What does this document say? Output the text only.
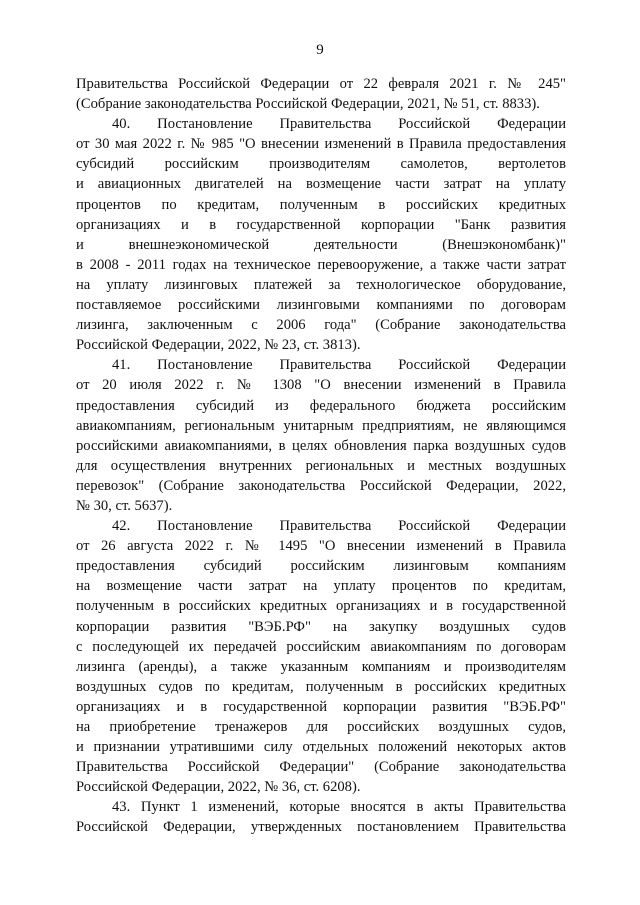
9
Правительства Российской Федерации от 22 февраля 2021 г. № 245"
(Собрание законодательства Российской Федерации, 2021, № 51, ст. 8833).
40. Постановление Правительства Российской Федерации
от 30 мая 2022 г. № 985 "О внесении изменений в Правила предоставления
субсидий российским производителям самолетов, вертолетов
и авиационных двигателей на возмещение части затрат на уплату
процентов по кредитам, полученным в российских кредитных
организациях и в государственной корпорации "Банк развития
и внешнеэкономической деятельности (Внешэкономбанк)"
в 2008 - 2011 годах на техническое перевооружение, а также части затрат
на уплату лизинговых платежей за технологическое оборудование,
поставляемое российскими лизинговыми компаниями по договорам
лизинга, заключенным с 2006 года" (Собрание законодательства
Российской Федерации, 2022, № 23, ст. 3813).
41. Постановление Правительства Российской Федерации
от 20 июля 2022 г. № 1308 "О внесении изменений в Правила
предоставления субсидий из федерального бюджета российским
авиакомпаниям, региональным унитарным предприятиям, не являющимся
российскими авиакомпаниями, в целях обновления парка воздушных судов
для осуществления внутренних региональных и местных воздушных
перевозок" (Собрание законодательства Российской Федерации, 2022,
№ 30, ст. 5637).
42. Постановление Правительства Российской Федерации
от 26 августа 2022 г. № 1495 "О внесении изменений в Правила
предоставления субсидий российским лизинговым компаниям
на возмещение части затрат на уплату процентов по кредитам,
полученным в российских кредитных организациях и в государственной
корпорации развития "ВЭБ.РФ" на закупку воздушных судов
с последующей их передачей российским авиакомпаниям по договорам
лизинга (аренды), а также указанным компаниям и производителям
воздушных судов по кредитам, полученным в российских кредитных
организациях и в государственной корпорации развития "ВЭБ.РФ"
на приобретение тренажеров для российских воздушных судов,
и признании утратившими силу отдельных положений некоторых актов
Правительства Российской Федерации" (Собрание законодательства
Российской Федерации, 2022, № 36, ст. 6208).
43. Пункт 1 изменений, которые вносятся в акты Правительства
Российской Федерации, утвержденных постановлением Правительства
